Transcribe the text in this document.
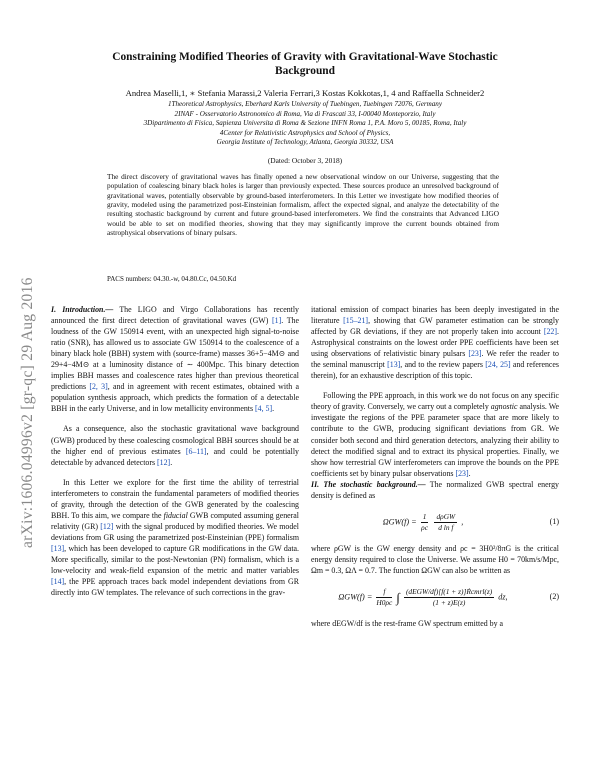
arXiv:1606.04996v2 [gr-qc] 29 Aug 2016
Constraining Modified Theories of Gravity with Gravitational-Wave Stochastic
Background
Andrea Maselli,1, ∗ Stefania Marassi,2 Valeria Ferrari,3 Kostas Kokkotas,1, 4 and Raffaella Schneider2
1Theoretical Astrophysics, Eberhard Karls University of Tuebingen, Tuebingen 72076, Germany
2INAF - Osservatorio Astronomico di Roma, Via di Frascati 33, I-00040 Monteporzio, Italy
3Dipartimento di Fisica, Sapienza Universita di Roma & Sezione INFN Roma 1, P.A. Moro 5, 00185, Roma, Italy
4Center for Relativistic Astrophysics and School of Physics,
Georgia Institute of Technology, Atlanta, Georgia 30332, USA
(Dated: October 3, 2018)
The direct discovery of gravitational waves has finally opened a new observational window on our Universe, suggesting that the population of coalescing binary black holes is larger than previously expected. These sources produce an unresolved background of gravitational waves, potentially observable by ground-based interferometers. In this Letter we investigate how modified theories of gravity, modeled using the parametrized post-Einsteinian formalism, affect the expected signal, and analyze the detectability of the resulting stochastic background by current and future ground-based interferometers. We find the constraints that Advanced LIGO would be able to set on modified theories, showing that they may significantly improve the current bounds obtained from astrophysical observations of binary pulsars.
PACS numbers: 04.30.-w, 04.80.Cc, 04.50.Kd

I. Introduction.— The LIGO and Virgo Collaborations has recently announced the first direct detection of gravitational waves (GW) [1]. The loudness of the GW 150914 event, with an unexpected high signal-to-noise ratio (SNR), has allowed us to associate GW 150914 to the coalescence of a binary black hole (BBH) system with (source-frame) masses 36+5−4M⊙ and 29+4−4M⊙ at a luminosity distance of ∼ 400Mpc. This binary detection implies BBH masses and coalescence rates higher than previous theoretical predictions [2, 3], and in agreement with recent estimates, obtained with a population synthesis approach, which predicts the formation of a detectable BBH in the early Universe, and in low metallicity environments [4, 5].

As a consequence, also the stochastic gravitational wave background (GWB) produced by these coalescing cosmological BBH sources should be at the higher end of previous estimates [6–11], and could be potentially detectable by advanced detectors [12].

In this Letter we explore for the first time the ability of terrestrial interferometers to constrain the fundamental parameters of modified theories of gravity, through the detection of the GWB generated by the coalescing BBH. To this aim, we compare the fiducial GWB computed assuming general relativity (GR) [12] with the signal produced by modified theories. We model deviations from GR using the parametrized post-Einsteinian (PPE) formalism [13], which has been developed to capture GR modifications in the GW data. More specifically, similar to the post-Newtonian (PN) formalism, which is a low-velocity and weak-field expansion of the metric and matter variables [14], the PPE approach traces back model independent deviations from GR directly into GW templates. The relevance of such corrections in the grav-

itational emission of compact binaries has been deeply investigated in the literature [15–21], showing that GW parameter estimation can be strongly affected by GR deviations, if they are not properly taken into account [22]. Astrophysical constraints on the lowest order PPE coefficients have been set using observations of relativistic binary pulsars [23]. We refer the reader to the seminal manuscript [13], and to the review papers [24, 25] and references therein), for an exhaustive description of this topic.

Following the PPE approach, in this work we do not focus on any specific theory of gravity. Conversely, we carry out a completely agnostic analysis. We investigate the regions of the PPE parameter space that are more likely to contribute to the GWB, producing significant deviations from GR. We consider both second and third generation detectors, analyzing their ability to detect the modified signal and to extract its physical properties. Finally, we show how terrestrial GW interferometers can improve the bounds on the PPE coefficients set by binary pulsar observations [23].

II. The stochastic background.— The normalized GWB spectral energy density is defined as

$\Omega GW(f) = \frac{1}{\rho c}$
$\frac{\text{dρGW}}{\text{d ln f}}$ ,	(1)

where ρGW is the GW energy density and ρc = 3H0²/8πG is the critical energy density required to close the Universe. We assume H0 = 70km/s/Mpc, Ωm = 0.3, ΩΛ = 0.7. The function ΩGW can also be written as

$\Omega GW(f) = \frac{f}{H0\rho c}$ ∫ $\frac{\text{(dEGW/df)[f(1 + z)]Ṙcmrl(z)}}{(1 + z)E(z)}$ dz,	(2)

where dEGW/df is the rest-frame GW spectrum emitted by a
